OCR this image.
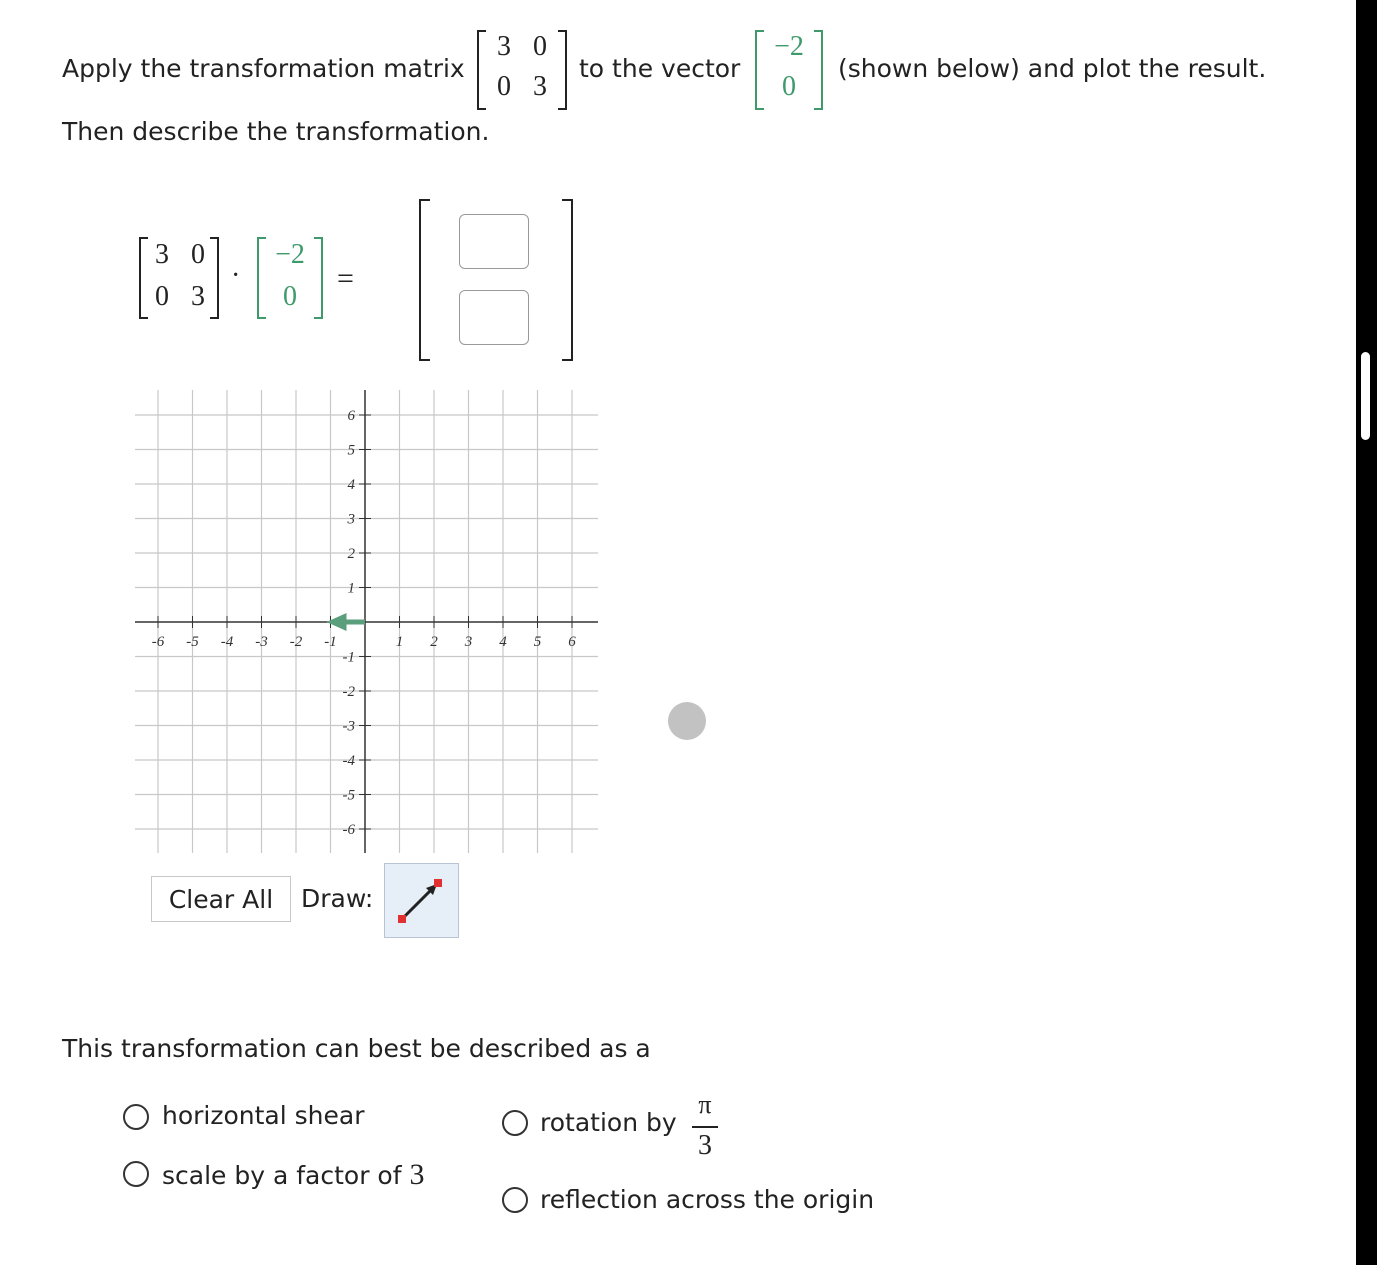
Apply the transformation matrix
3 0
0 3
to the vector
−2
0
(shown below) and plot the result.
Then describe the transformation.
3 0
0 3
·
−2
0
=
-6 -5 -4 -3 -2 -1	1 2 3 4 5 6
6
5
4
3
2
1
-1
-2
-3
-4
-5
-6
Clear All	Draw:
This transformation can best be described as a
horizontal shear
scale by a factor of 3
rotation by
π
3
reflection across the origin
